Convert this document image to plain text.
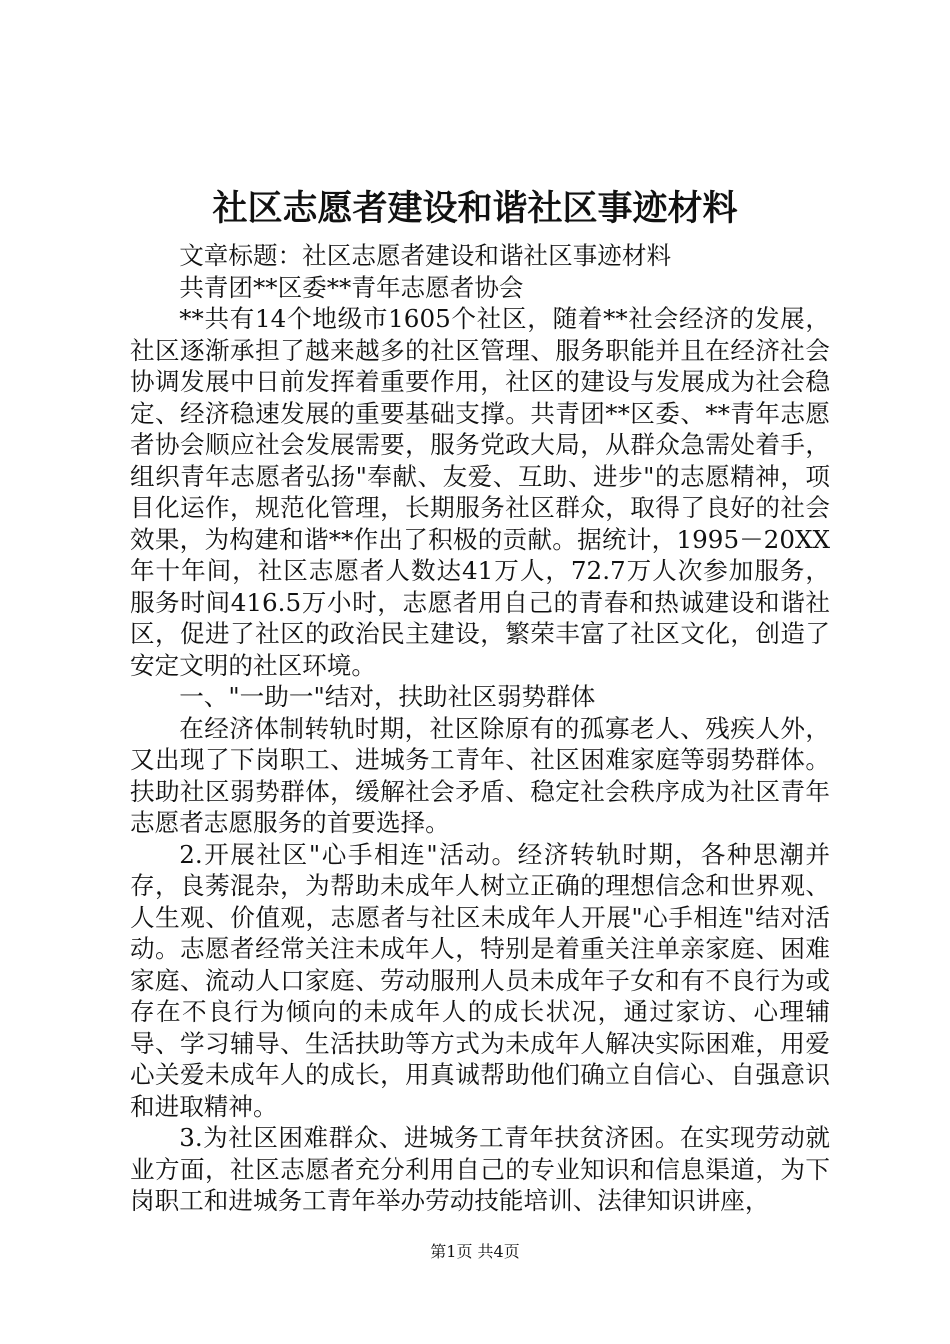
社区志愿者建设和谐社区事迹材料

文章标题：社区志愿者建设和谐社区事迹材料

共青团**区委**青年志愿者协会

**共有14个地级市1605个社区，随着**社会经济的发展，社区逐渐承担了越来越多的社区管理、服务职能并且在经济社会协调发展中日前发挥着重要作用，社区的建设与发展成为社会稳定、经济稳速发展的重要基础支撑。共青团**区委、**青年志愿者协会顺应社会发展需要，服务党政大局，从群众急需处着手，组织青年志愿者弘扬"奉献、友爱、互助、进步"的志愿精神，项目化运作，规范化管理，长期服务社区群众，取得了良好的社会效果，为构建和谐**作出了积极的贡献。据统计，1995－20XX年十年间，社区志愿者人数达41万人，72.7万人次参加服务，服务时间416.5万小时，志愿者用自己的青春和热诚建设和谐社区，促进了社区的政治民主建设，繁荣丰富了社区文化，创造了安定文明的社区环境。

一、"一助一"结对，扶助社区弱势群体

在经济体制转轨时期，社区除原有的孤寡老人、残疾人外，又出现了下岗职工、进城务工青年、社区困难家庭等弱势群体。扶助社区弱势群体，缓解社会矛盾、稳定社会秩序成为社区青年志愿者志愿服务的首要选择。

2.开展社区"心手相连"活动。经济转轨时期，各种思潮并存，良莠混杂，为帮助未成年人树立正确的理想信念和世界观、人生观、价值观，志愿者与社区未成年人开展"心手相连"结对活动。志愿者经常关注未成年人，特别是着重关注单亲家庭、困难家庭、流动人口家庭、劳动服刑人员未成年子女和有不良行为或存在不良行为倾向的未成年人的成长状况，通过家访、心理辅导、学习辅导、生活扶助等方式为未成年人解决实际困难，用爱心关爱未成年人的成长，用真诚帮助他们确立自信心、自强意识和进取精神。

3.为社区困难群众、进城务工青年扶贫济困。在实现劳动就业方面，社区志愿者充分利用自己的专业知识和信息渠道，为下岗职工和进城务工青年举办劳动技能培训、法律知识讲座，

第1页 共4页
